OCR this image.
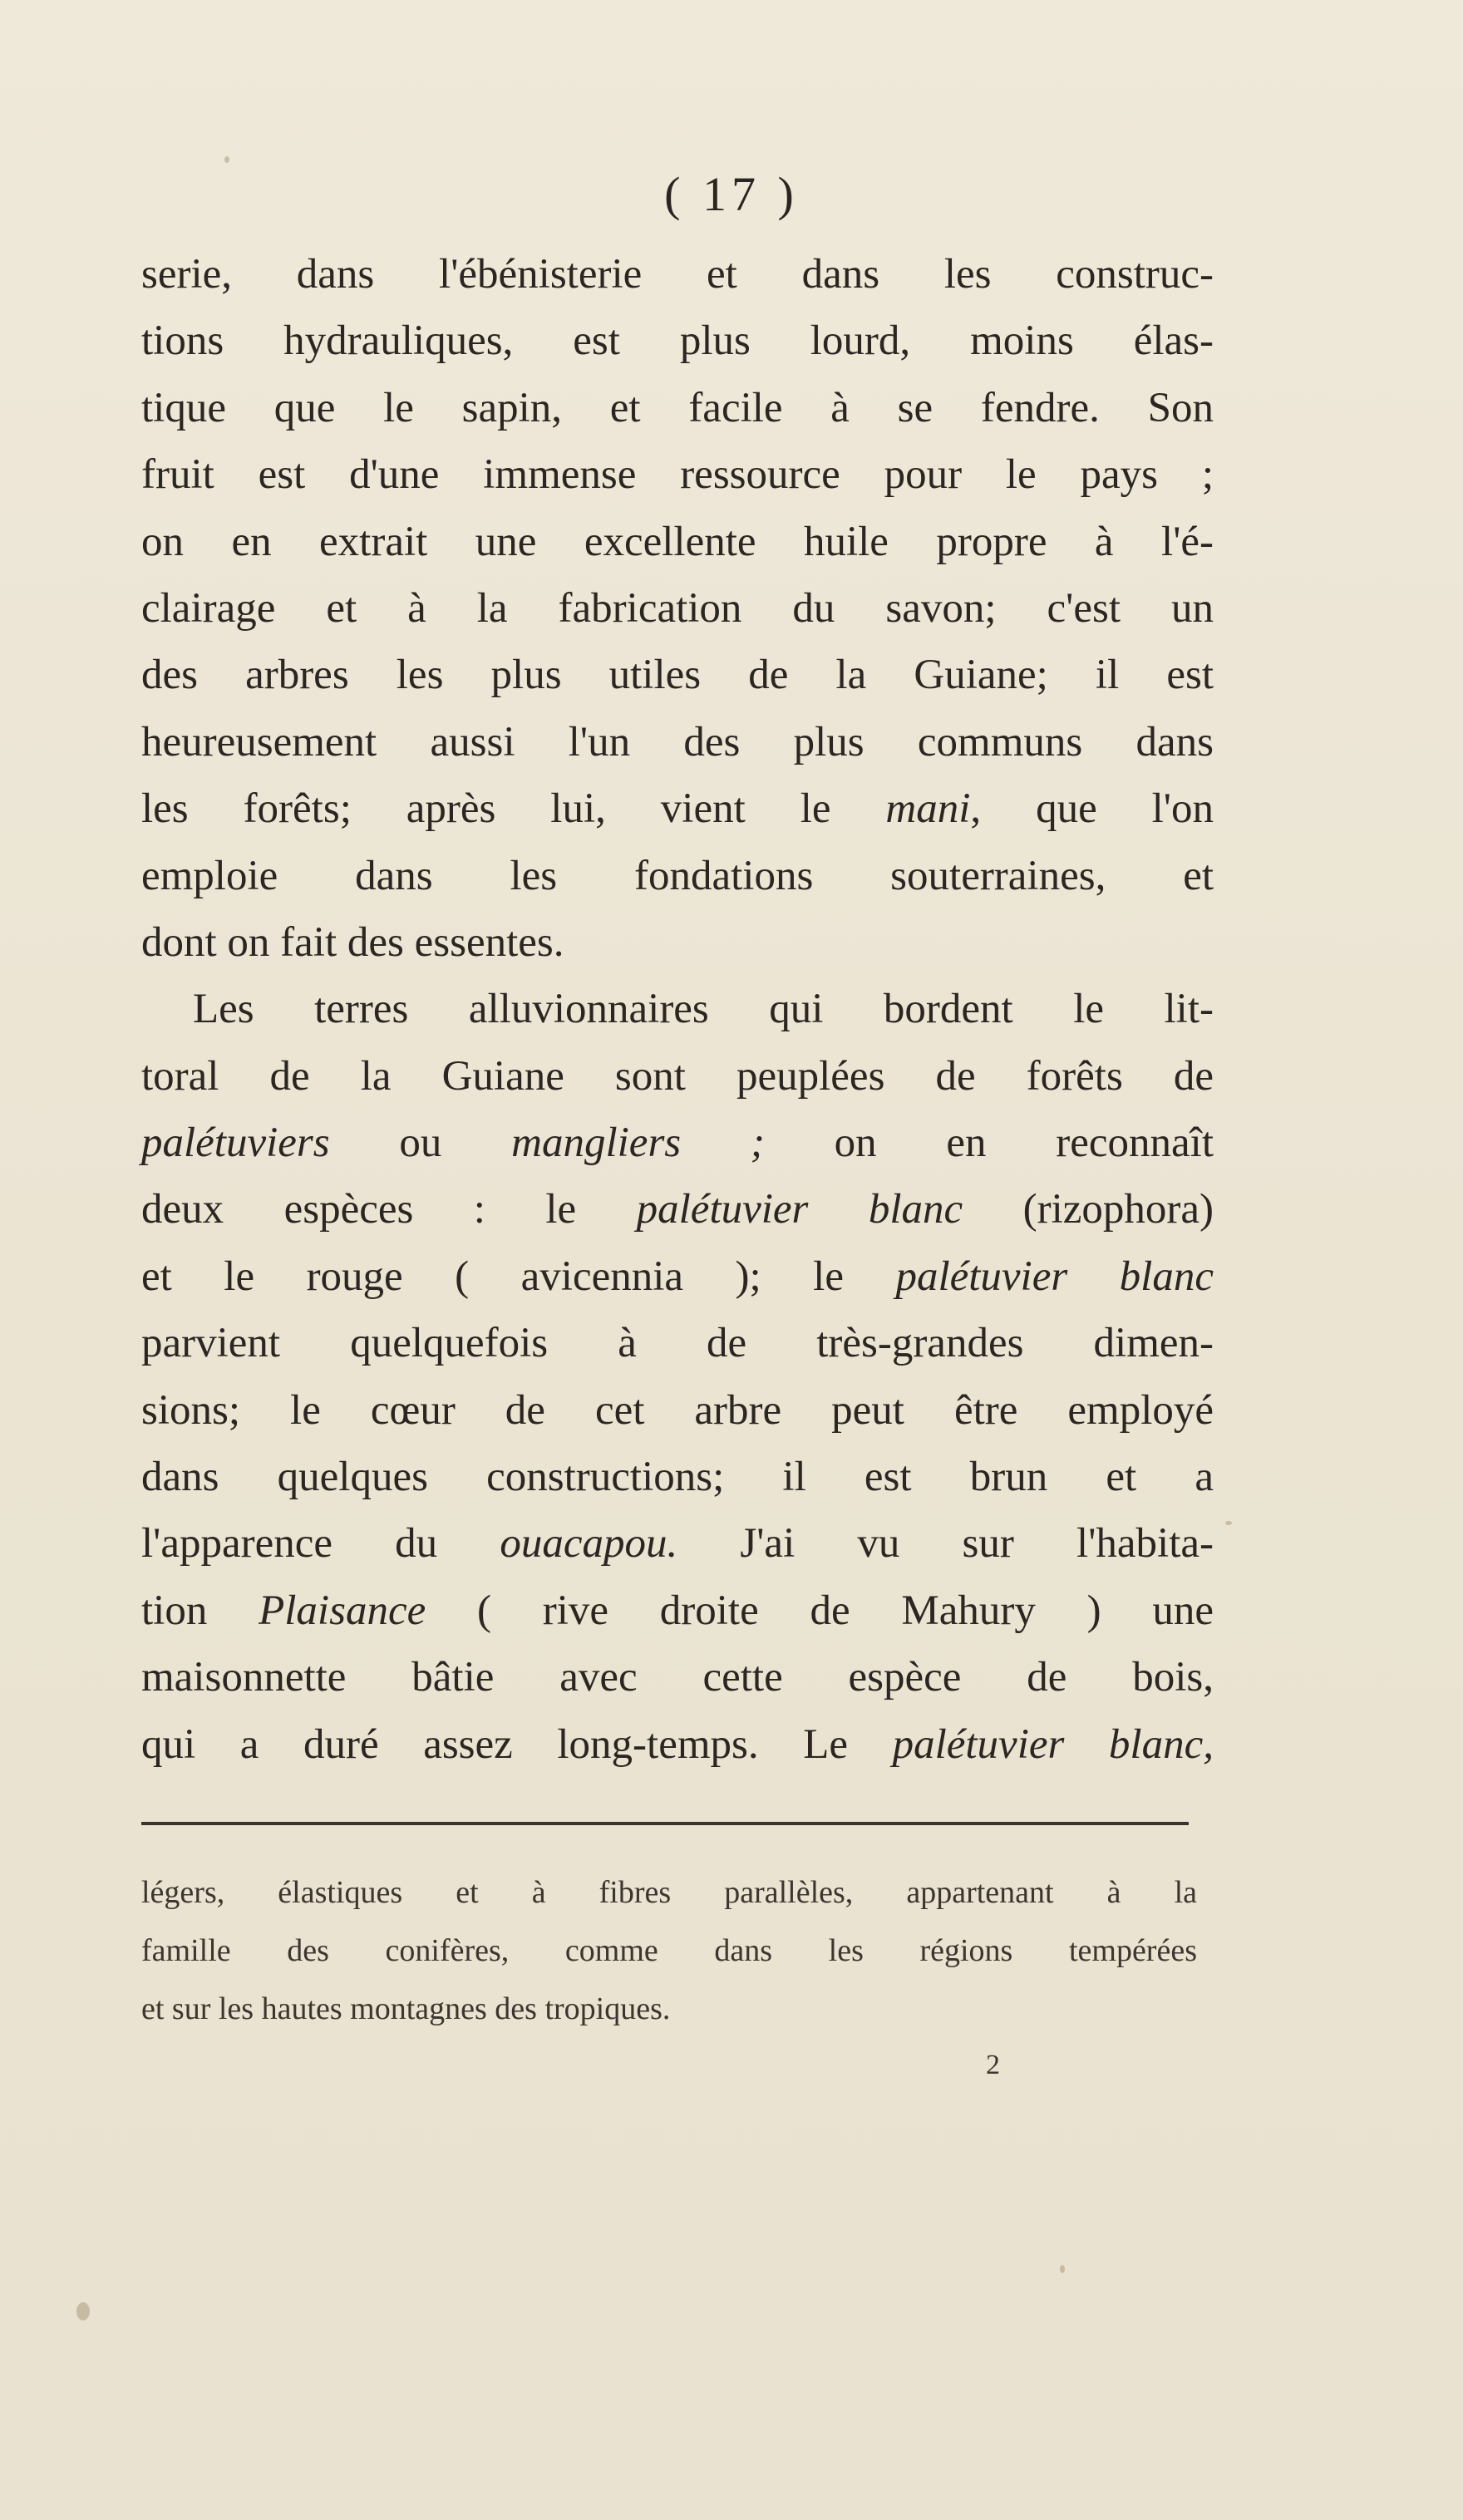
( 17 )
serie, dans l'ébénisterie et dans les construc-
tions hydrauliques, est plus lourd, moins élas-
tique que le sapin, et facile à se fendre. Son
fruit est d'une immense ressource pour le pays ;
on en extrait une excellente huile propre à l'é-
clairage et à la fabrication du savon; c'est un
des arbres les plus utiles de la Guiane; il est
heureusement aussi l'un des plus communs dans
les forêts; après lui, vient le mani, que l'on
emploie dans les fondations souterraines, et
dont on fait des essentes.
Les terres alluvionnaires qui bordent le lit-
toral de la Guiane sont peuplées de forêts de
palétuviers ou mangliers ; on en reconnaît
deux espèces : le palétuvier blanc (rizophora)
et le rouge ( avicennia ); le palétuvier blanc
parvient quelquefois à de très-grandes dimen-
sions; le cœur de cet arbre peut être employé
dans quelques constructions; il est brun et a
l'apparence du ouacapou. J'ai vu sur l'habita-
tion Plaisance ( rive droite de Mahury ) une
maisonnette bâtie avec cette espèce de bois,
qui a duré assez long-temps. Le palétuvier blanc,
légers, élastiques et à fibres parallèles, appartenant à la
famille des conifères, comme dans les régions tempérées
et sur les hautes montagnes des tropiques.
2
